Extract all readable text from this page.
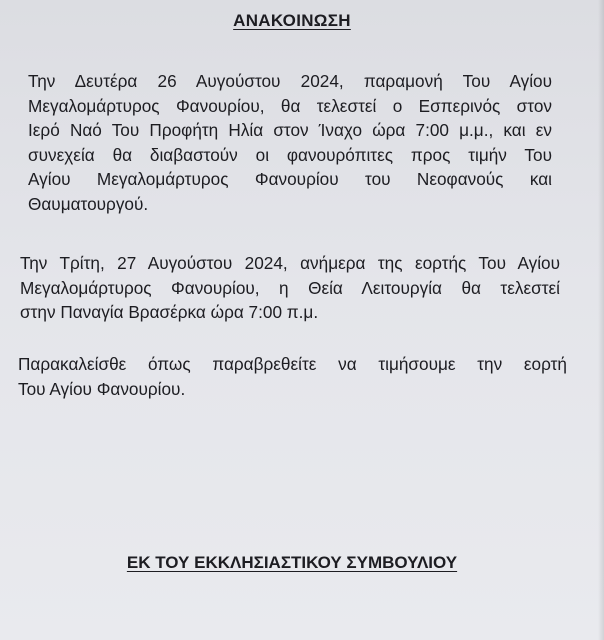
ΑΝΑΚΟΙΝΩΣΗ

Την Δευτέρα 26 Αυγούστου 2024, παραμονή Του Αγίου
Μεγαλομάρτυρος Φανουρίου, θα τελεστεί ο Εσπερινός στον
Ιερό Ναό Του Προφήτη Ηλία στον Ίναχο ώρα 7:00 μ.μ., και εν
συνεχεία θα διαβαστούν οι φανουρόπιτες προς τιμήν Του
Αγίου Μεγαλομάρτυρος Φανουρίου του Νεοφανούς και
Θαυματουργού.

Την Τρίτη, 27 Αυγούστου 2024, ανήμερα της εορτής Του Αγίου
Μεγαλομάρτυρος Φανουρίου, η Θεία Λειτουργία θα τελεστεί
στην Παναγία Βρασέρκα ώρα 7:00 π.μ.

Παρακαλείσθε όπως παραβρεθείτε να τιμήσουμε την εορτή
Του Αγίου Φανουρίου.

ΕΚ ΤΟΥ ΕΚΚΛΗΣΙΑΣΤΙΚΟΥ ΣΥΜΒΟΥΛΙΟΥ
